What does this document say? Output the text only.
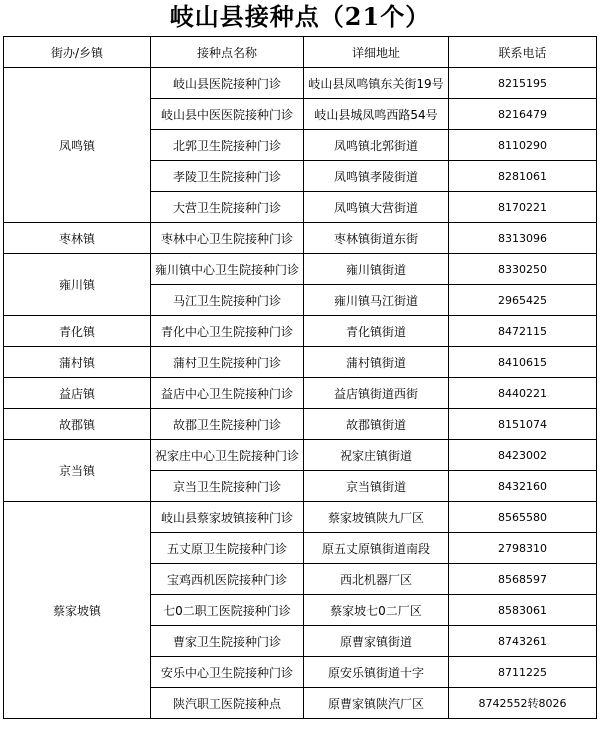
岐山县接种点（21个）
街办/乡镇	接种点名称	详细地址	联系电话
凤鸣镇	岐山县医院接种门诊	岐山县凤鸣镇东关街19号	8215195
	岐山县中医医院接种门诊	岐山县城凤鸣西路54号	8216479
	北郭卫生院接种门诊	凤鸣镇北郭街道	8110290
	孝陵卫生院接种门诊	凤鸣镇孝陵街道	8281061
	大营卫生院接种门诊	凤鸣镇大营街道	8170221
枣林镇	枣林中心卫生院接种门诊	枣林镇街道东街	8313096
雍川镇	雍川镇中心卫生院接种门诊	雍川镇街道	8330250
	马江卫生院接种门诊	雍川镇马江街道	2965425
青化镇	青化中心卫生院接种门诊	青化镇街道	8472115
蒲村镇	蒲村卫生院接种门诊	蒲村镇街道	8410615
益店镇	益店中心卫生院接种门诊	益店镇街道西街	8440221
故郡镇	故郡卫生院接种门诊	故郡镇街道	8151074
京当镇	祝家庄中心卫生院接种门诊	祝家庄镇街道	8423002
	京当卫生院接种门诊	京当镇街道	8432160
蔡家坡镇	岐山县蔡家坡镇接种门诊	蔡家坡镇陕九厂区	8565580
	五丈原卫生院接种门诊	原五丈原镇街道南段	2798310
	宝鸡西机医院接种门诊	西北机器厂区	8568597
	七0二职工医院接种门诊	蔡家坡七0二厂区	8583061
	曹家卫生院接种门诊	原曹家镇街道	8743261
	安乐中心卫生院接种门诊	原安乐镇街道十字	8711225
	陕汽职工医院接种点	原曹家镇陕汽厂区	8742552转8026
